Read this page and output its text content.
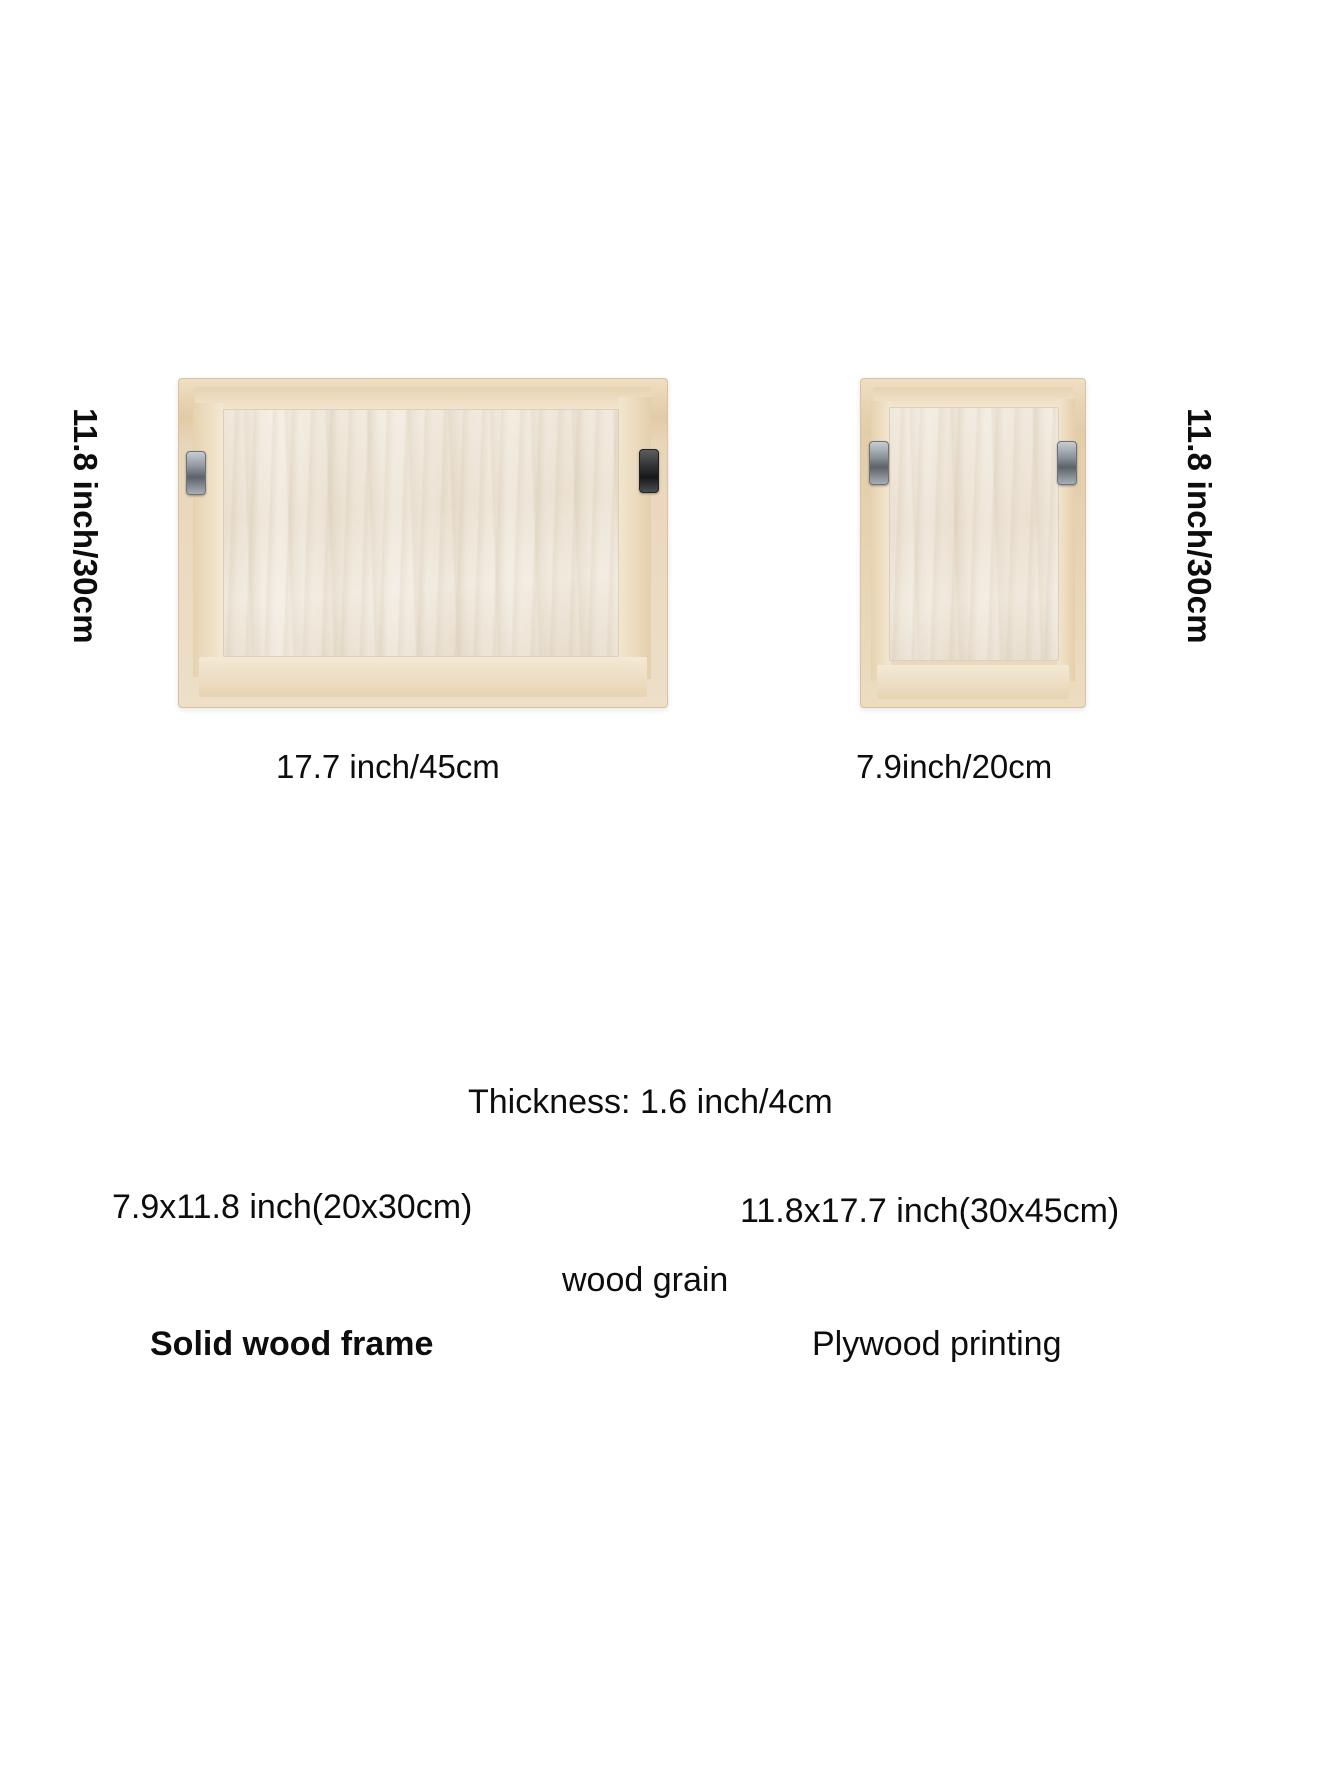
11.8 inch/30cm	11.8 inch/30cm
17.7 inch/45cm	7.9inch/20cm
Thickness: 1.6 inch/4cm
7.9x11.8 inch(20x30cm)	11.8x17.7 inch(30x45cm)
wood grain
Solid wood frame	Plywood printing
